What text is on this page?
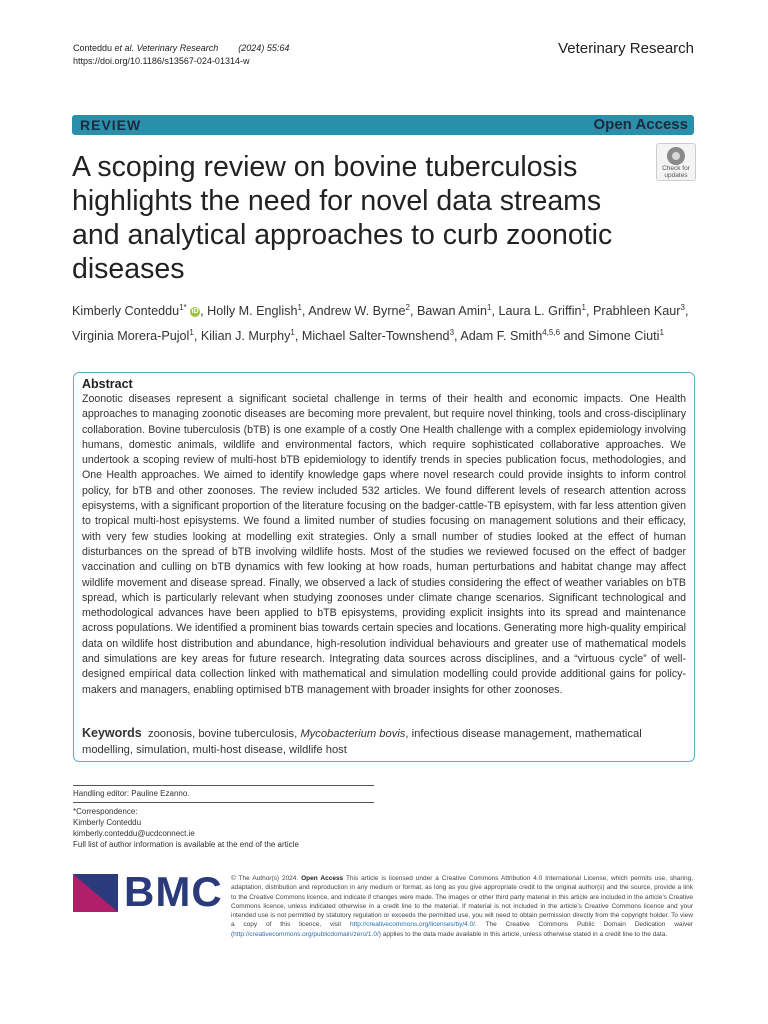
Conteddu et al. Veterinary Research (2024) 55:64
https://doi.org/10.1186/s13567-024-01314-w
Veterinary Research
REVIEW	Open Access
A scoping review on bovine tuberculosis highlights the need for novel data streams and analytical approaches to curb zoonotic diseases
Check for
updates
Kimberly Conteddu$^{1*}$ iD , Holly M. English$^1$, Andrew W. Byrne$^2$, Bawan Amin$^1$, Laura L. Griffin$^1$, Prabhleen Kaur$^3$, Virginia Morera-Pujol$^1$, Kilian J. Murphy$^1$, Michael Salter-Townshend$^3$, Adam F. Smith$^{4,5,6}$ and Simone Ciuti$^1$
Abstract
Zoonotic diseases represent a significant societal challenge in terms of their health and economic impacts. One Health approaches to managing zoonotic diseases are becoming more prevalent, but require novel thinking, tools and cross-disciplinary collaboration. Bovine tuberculosis (bTB) is one example of a costly One Health challenge with a complex epidemiology involving humans, domestic animals, wildlife and environmental factors, which require sophisticated collaborative approaches. We undertook a scoping review of multi-host bTB epidemiology to identify trends in species publication focus, methodologies, and One Health approaches. We aimed to identify knowledge gaps where novel research could provide insights to inform control policy, for bTB and other zoonoses. The review included 532 articles. We found different levels of research attention across episystems, with a significant proportion of the literature focusing on the badger-cattle-TB episystem, with far less attention given to tropical multi-host episystems. We found a limited number of studies focusing on management solutions and their efficacy, with very few studies looking at modelling exit strategies. Only a small number of studies looked at the effect of human disturbances on the spread of bTB involving wildlife hosts. Most of the studies we reviewed focused on the effect of badger vaccination and culling on bTB dynamics with few looking at how roads, human perturbations and habitat change may affect wildlife movement and disease spread. Finally, we observed a lack of studies considering the effect of weather variables on bTB spread, which is particularly relevant when studying zoonoses under climate change scenarios. Significant technological and methodological advances have been applied to bTB episystems, providing explicit insights into its spread and maintenance across populations. We identified a prominent bias towards certain species and locations. Generating more high-quality empirical data on wildlife host distribution and abundance, high-resolution individual behaviours and greater use of mathematical models and simulations are key areas for future research. Integrating data sources across disciplines, and a “virtuous cycle” of well-designed empirical data collection linked with mathematical and simulation modelling could provide additional gains for policy-makers and managers, enabling optimised bTB management with broader insights for other zoonoses.
Keywords zoonosis, bovine tuberculosis, Mycobacterium bovis, infectious disease management, mathematical modelling, simulation, multi-host disease, wildlife host
Handling editor: Pauline Ezanno.
*Correspondence:
Kimberly Conteddu
kimberly.conteddu@ucdconnect.ie
Full list of author information is available at the end of the article
BMC © The Author(s) 2024. Open Access This article is licensed under a Creative Commons Attribution 4.0 International License, which permits use, sharing, adaptation, distribution and reproduction in any medium or format, as long as you give appropriate credit to the original author(s) and the source, provide a link to the Creative Commons licence, and indicate if changes were made. The images or other third party material in this article are included in the article’s Creative Commons licence, unless indicated otherwise in a credit line to the material. If material is not included in the article’s Creative Commons licence and your intended use is not permitted by statutory regulation or exceeds the permitted use, you will need to obtain permission directly from the copyright holder. To view a copy of this licence, visit http://creativecommons.org/licenses/by/4.0/. The Creative Commons Public Domain Dedication waiver (http://creativecommons.org/publicdomain/zero/1.0/) applies to the data made available in this article, unless otherwise stated in a credit line to the data.
